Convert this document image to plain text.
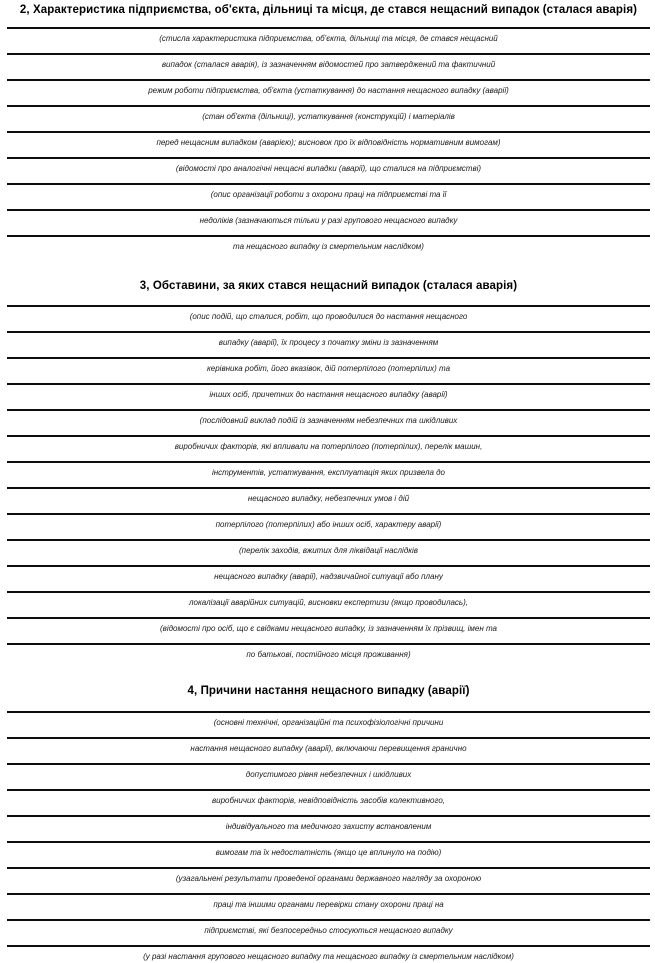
2, Характеристика підприємства, об'єкта, дільниці та місця, де стався нещасний випадок (сталася аварія)
(стисла характеристика підприємства, об'єкта, дільниці та місця, де стався нещасний
випадок (сталася аварія), із зазначенням відомостей про затверджений та фактичний
режим роботи підприємства, об'єкта (устаткування) до настання нещасного випадку (аварії)
(стан об'єкта (дільниці), устаткування (конструкцій) і матеріалів
перед нещасним випадком (аварією); висновок про їх відповідність нормативним вимогам)
(відомості про аналогічні нещасні випадки (аварії), що сталися на підприємстві)
(опис організації роботи з охорони праці на підприємстві та її
недоліків (зазначаються тільки у разі групового нещасного випадку
та нещасного випадку із смертельним наслідком)
3, Обставини, за яких стався нещасний випадок (сталася аварія)
(опис подій, що сталися, робіт, що проводилися до настання нещасного
випадку (аварії), їх процесу з початку зміни із зазначенням
керівника робіт, його вказівок, дій потерпілого (потерпілих) та
інших осіб, причетних до настання нещасного випадку (аварії)
(послідовний виклад подій із зазначенням небезпечних та шкідливих
виробничих факторів, які впливали на потерпілого (потерпілих), перелік машин,
інструментів, устаткування, експлуатація яких призвела до
нещасного випадку, небезпечних умов і дій
потерпілого (потерпілих) або інших осіб, характеру аварії)
(перелік заходів, вжитих для ліквідації наслідків
нещасного випадку (аварії), надзвичайної ситуації або плану
локалізації аварійних ситуацій, висновки експертизи (якщо проводилась),
(відомості про осіб, що є свідками нещасного випадку, із зазначенням їх прізвищ, імен та
по батькові, постійного місця проживання)
4, Причини настання нещасного випадку (аварії)
(основні технічні, організаційні та психофізіологічні причини
настання нещасного випадку (аварії), включаючи перевищення гранично
допустимого рівня небезпечних і шкідливих
виробничих факторів, невідповідність засобів колективного,
індивідуального та медичного захисту встановленим
вимогам та їх недостатність (якщо це вплинуло на подію)
(узагальнені результати проведеної органами державного нагляду за охороною
праці та іншими органами перевірки стану охорони праці на
підприємстві, які безпосередньо стосуються нещасного випадку
(у разі настання групового нещасного випадку та нещасного випадку із смертельним наслідком)
